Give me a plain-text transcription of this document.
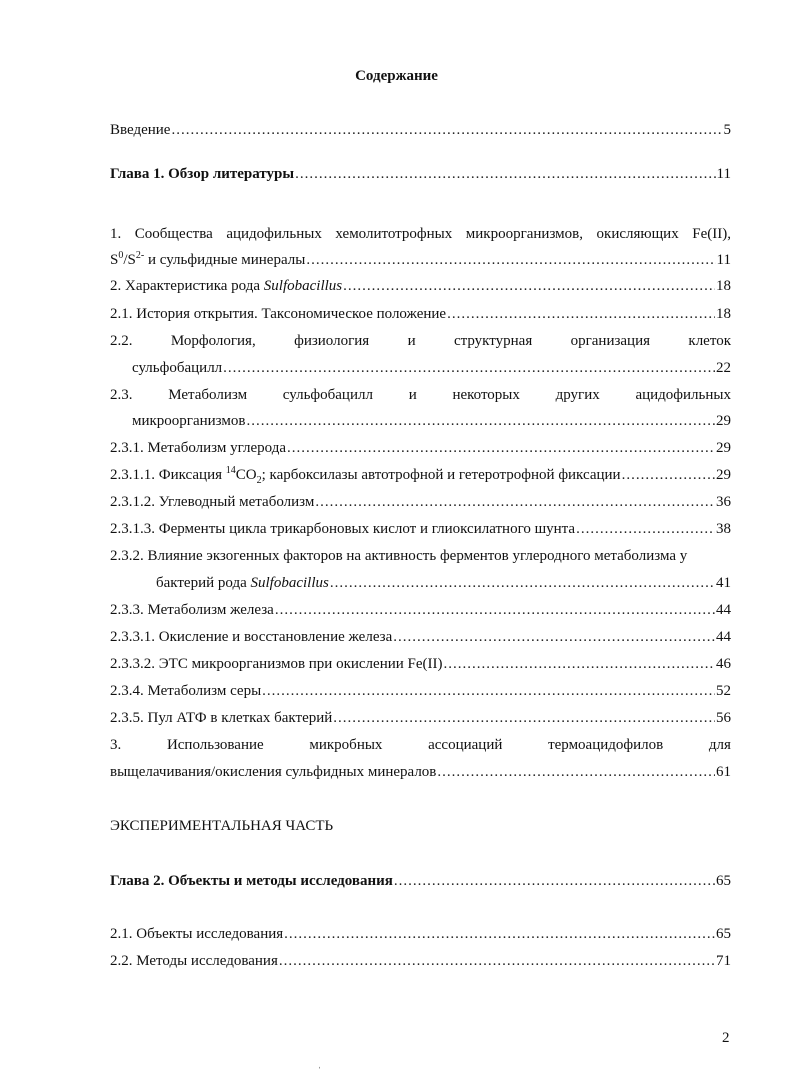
Содержание
Введение .....	5
Глава 1. Обзор литературы .....	11
1. Сообщества ацидофильных хемолитотрофных микроорганизмов, окисляющих Fe(II),
$S^0/S^{2-}$ и сульфидные минералы .....	11
2. Характеристика рода Sulfobacillus .....	18
2.1. История открытия. Таксономическое положение .....	18
2.2.	Морфология,	физиология	и	структурная	организация	клеток
сульфобацилл .....	22
2.3. Метаболизм сульфобацилл и некоторых других ацидофильных
микроорганизмов .....	29
2.3.1. Метаболизм углерода .....	29
2.3.1.1. Фиксация $^{14}CO_2$; карбоксилазы автотрофной и гетеротрофной фиксации .....	29
2.3.1.2. Углеводный метаболизм .....	36
2.3.1.3. Ферменты цикла трикарбоновых кислот и глиоксилатного шунта .....	38
2.3.2. Влияние экзогенных факторов на активность ферментов углеродного метаболизма у
бактерий рода Sulfobacillus .....	41
2.3.3. Метаболизм железа .....	44
2.3.3.1. Окисление и восстановление железа .....	44
2.3.3.2. ЭТС микроорганизмов при окислении Fe(II) .....	46
2.3.4. Метаболизм серы .....	52
2.3.5. Пул АТФ в клетках бактерий .....	56
3.	Использование	микробных	ассоциаций	термоацидофилов	для
выщелачивания/окисления сульфидных минералов .....	61
ЭКСПЕРИМЕНТАЛЬНАЯ ЧАСТЬ
Глава 2. Объекты и методы исследования .....	65
2.1. Объекты исследования .....	65
2.2. Методы исследования .....	71
2
ˌ
